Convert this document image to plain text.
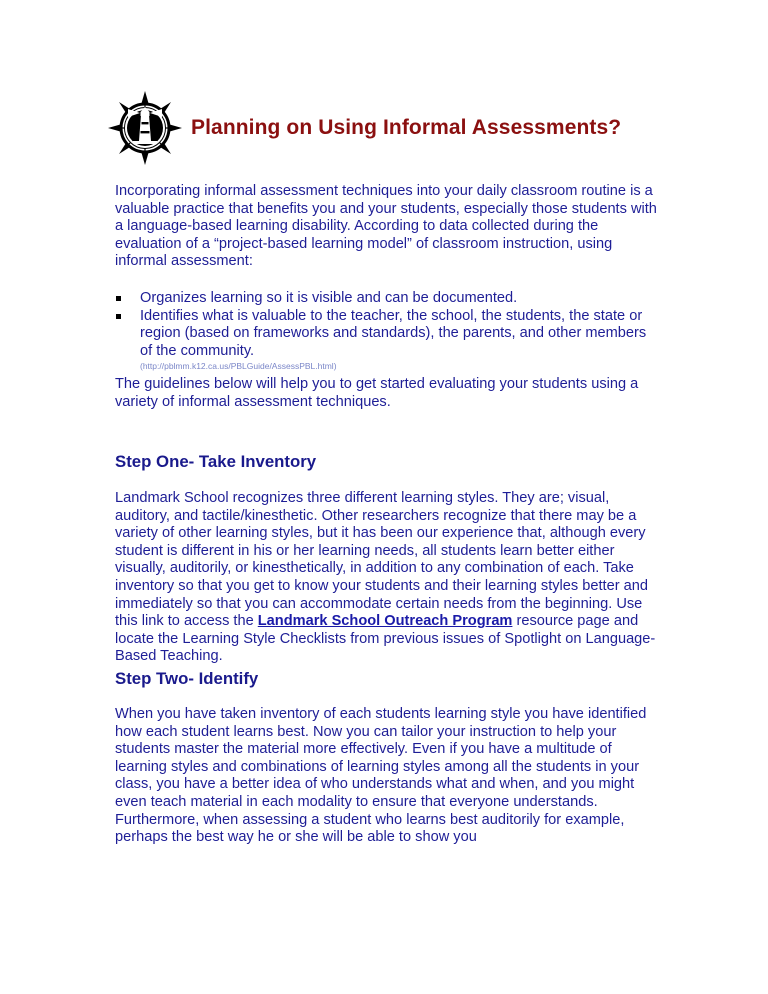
Planning on Using Informal Assessments?

Incorporating informal assessment techniques into your daily classroom routine is a valuable practice that benefits you and your students, especially those students with a language-based learning disability. According to data collected during the evaluation of a “project-based learning model” of classroom instruction, using informal assessment:

Organizes learning so it is visible and can be documented.
Identifies what is valuable to the teacher, the school, the students, the state or region (based on frameworks and standards), the parents, and other members of the community.
(http://pblmm.k12.ca.us/PBLGuide/AssessPBL.html)

The guidelines below will help you to get started evaluating your students using a variety of informal assessment techniques.

Step One- Take Inventory

Landmark School recognizes three different learning styles. They are; visual, auditory, and tactile/kinesthetic. Other researchers recognize that there may be a variety of other learning styles, but it has been our experience that, although every student is different in his or her learning needs, all students learn better either visually, auditorily, or kinesthetically, in addition to any combination of each. Take inventory so that you get to know your students and their learning styles better and immediately so that you can accommodate certain needs from the beginning. Use this link to access the Landmark School Outreach Program resource page and locate the Learning Style Checklists from previous issues of Spotlight on Language-Based Teaching.

Step Two- Identify

When you have taken inventory of each students learning style you have identified how each student learns best. Now you can tailor your instruction to help your students master the material more effectively. Even if you have a multitude of learning styles and combinations of learning styles among all the students in your class, you have a better idea of who understands what and when, and you might even teach material in each modality to ensure that everyone understands. Furthermore, when assessing a student who learns best auditorily for example, perhaps the best way he or she will be able to show you
